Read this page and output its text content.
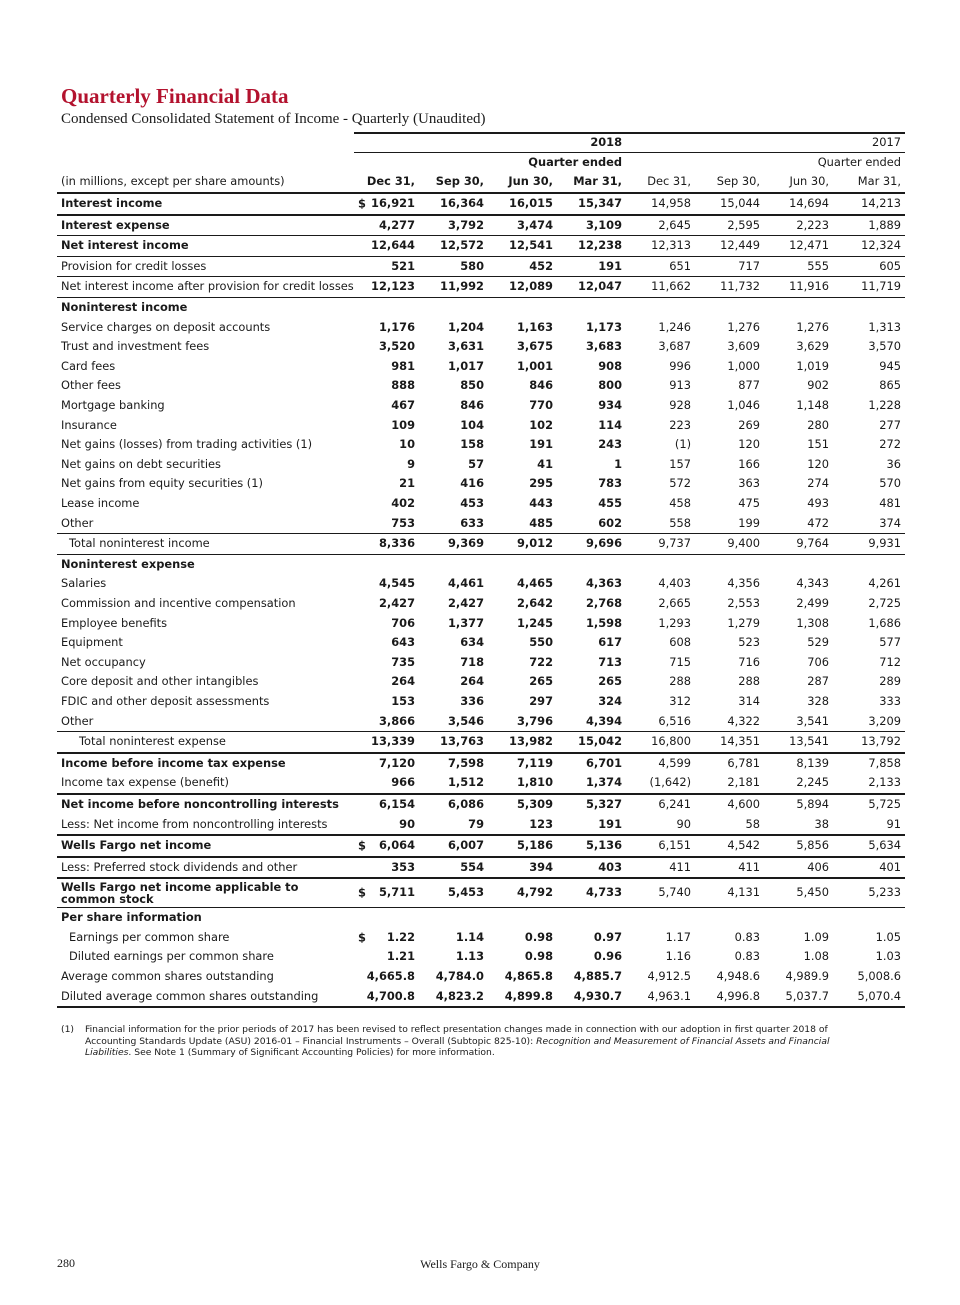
Quarterly Financial Data
Condensed Consolidated Statement of Income - Quarterly (Unaudited)
	2018				2017			
	Quarter ended				Quarter ended			
(in millions, except per share amounts)	Dec 31,	Sep 30,	Jun 30,	Mar 31,	Dec 31,	Sep 30,	Jun 30,	Mar 31,
Interest income	$ 16,921	16,364	16,015	15,347	14,958	15,044	14,694	14,213
Interest expense	4,277	3,792	3,474	3,109	2,645	2,595	2,223	1,889
Net interest income	12,644	12,572	12,541	12,238	12,313	12,449	12,471	12,324
Provision for credit losses	521	580	452	191	651	717	555	605
Net interest income after provision for credit losses	12,123	11,992	12,089	12,047	11,662	11,732	11,916	11,719
Noninterest income								
Service charges on deposit accounts	1,176	1,204	1,163	1,173	1,246	1,276	1,276	1,313
Trust and investment fees	3,520	3,631	3,675	3,683	3,687	3,609	3,629	3,570
Card fees	981	1,017	1,001	908	996	1,000	1,019	945
Other fees	888	850	846	800	913	877	902	865
Mortgage banking	467	846	770	934	928	1,046	1,148	1,228
Insurance	109	104	102	114	223	269	280	277
Net gains (losses) from trading activities (1)	10	158	191	243	(1)	120	151	272
Net gains on debt securities	9	57	41	1	157	166	120	36
Net gains from equity securities (1)	21	416	295	783	572	363	274	570
Lease income	402	453	443	455	458	475	493	481
Other	753	633	485	602	558	199	472	374
Total noninterest income	8,336	9,369	9,012	9,696	9,737	9,400	9,764	9,931
Noninterest expense								
Salaries	4,545	4,461	4,465	4,363	4,403	4,356	4,343	4,261
Commission and incentive compensation	2,427	2,427	2,642	2,768	2,665	2,553	2,499	2,725
Employee benefits	706	1,377	1,245	1,598	1,293	1,279	1,308	1,686
Equipment	643	634	550	617	608	523	529	577
Net occupancy	735	718	722	713	715	716	706	712
Core deposit and other intangibles	264	264	265	265	288	288	287	289
FDIC and other deposit assessments	153	336	297	324	312	314	328	333
Other	3,866	3,546	3,796	4,394	6,516	4,322	3,541	3,209
Total noninterest expense	13,339	13,763	13,982	15,042	16,800	14,351	13,541	13,792
Income before income tax expense	7,120	7,598	7,119	6,701	4,599	6,781	8,139	7,858
Income tax expense (benefit)	966	1,512	1,810	1,374	(1,642)	2,181	2,245	2,133
Net income before noncontrolling interests	6,154	6,086	5,309	5,327	6,241	4,600	5,894	5,725
Less: Net income from noncontrolling interests	90	79	123	191	90	58	38	91
Wells Fargo net income	$ 6,064	6,007	5,186	5,136	6,151	4,542	5,856	5,634
Less: Preferred stock dividends and other	353	554	394	403	411	411	406	401
Wells Fargo net income applicable to common stock	$ 5,711	5,453	4,792	4,733	5,740	4,131	5,450	5,233
Per share information								
Earnings per common share	$ 1.22	1.14	0.98	0.97	1.17	0.83	1.09	1.05
Diluted earnings per common share	1.21	1.13	0.98	0.96	1.16	0.83	1.08	1.03
Average common shares outstanding	4,665.8	4,784.0	4,865.8	4,885.7	4,912.5	4,948.6	4,989.9	5,008.6
Diluted average common shares outstanding	4,700.8	4,823.2	4,899.8	4,930.7	4,963.1	4,996.8	5,037.7	5,070.4
(1) Financial information for the prior periods of 2017 has been revised to reflect presentation changes made in connection with our adoption in first quarter 2018 of Accounting Standards Update (ASU) 2016-01 – Financial Instruments – Overall (Subtopic 825-10): Recognition and Measurement of Financial Assets and Financial Liabilities. See Note 1 (Summary of Significant Accounting Policies) for more information.
280	Wells Fargo & Company
